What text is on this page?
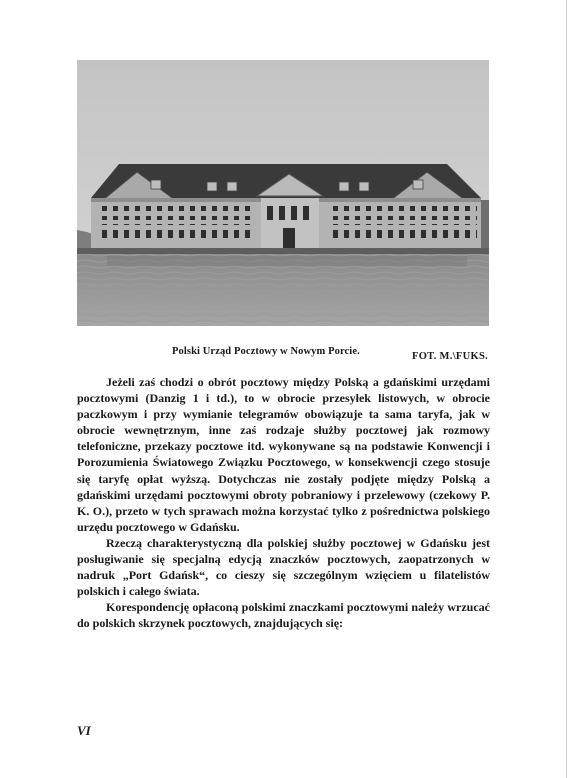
Polski Urząd Pocztowy w Nowym Porcie.	FOT. M.\FUKS.

Jeżeli zaś chodzi o obrót pocztowy między Polską a gdańskimi urzędami pocztowymi (Danzig 1 i td.), to w obrocie przesyłek listowych, w obrocie paczkowym i przy wymianie telegramów obowiązuje ta sama taryfa, jak w obrocie wewnętrznym, inne zaś rodzaje służby pocztowej jak rozmowy telefoniczne, przekazy pocztowe itd. wykonywane są na podstawie Konwencji i Porozumienia Światowego Związku Pocztowego, w konsekwencji czego stosuje się taryfę opłat wyższą. Dotychczas nie zostały podjęte między Polską a gdańskimi urzędami pocztowymi obroty pobraniowy i przelewowy (czekowy P. K. O.), przeto w tych sprawach można korzystać tylko z pośrednictwa polskiego urzędu pocztowego w Gdańsku.

Rzeczą charakterystyczną dla polskiej służby pocztowej w Gdańsku jest posługiwanie się specjalną edycją znaczków pocztowych, zaopatrzonych w nadruk „Port Gdańsk“, co cieszy się szczególnym wzięciem u filatelistów polskich i całego świata.

Korespondencję opłaconą polskimi znaczkami pocztowymi należy wrzucać do polskich skrzynek pocztowych, znajdujących się:

VI
